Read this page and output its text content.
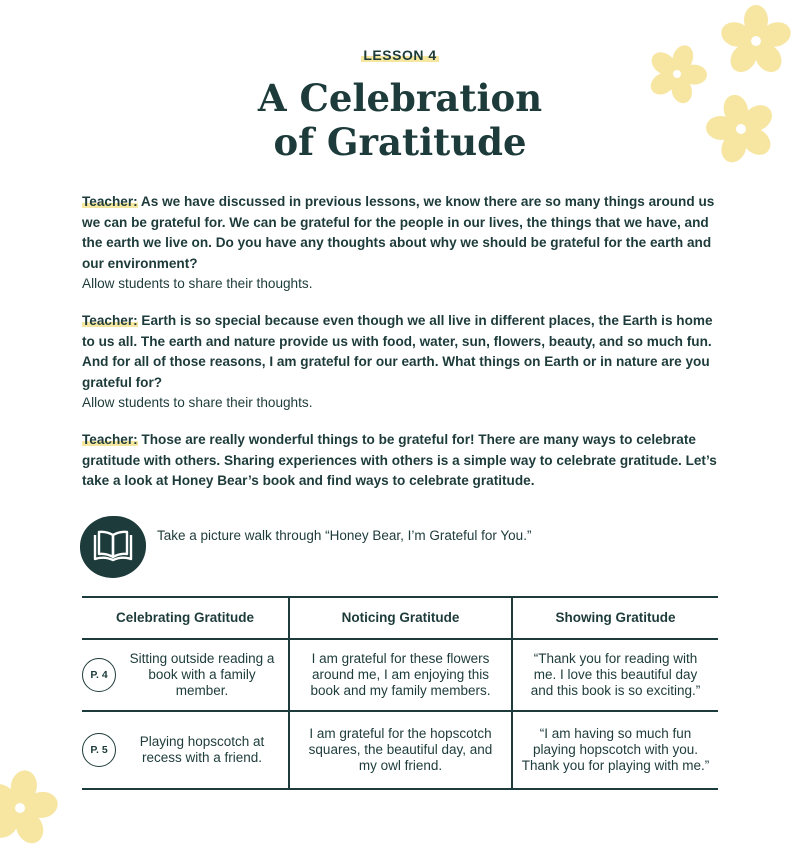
LESSON 4
A Celebration
of Gratitude

Teacher: As we have discussed in previous lessons, we know there are so many things around us we can be grateful for. We can be grateful for the people in our lives, the things that we have, and the earth we live on. Do you have any thoughts about why we should be grateful for the earth and our environment?

Allow students to share their thoughts.

Teacher: Earth is so special because even though we all live in different places, the Earth is home to us all. The earth and nature provide us with food, water, sun, flowers, beauty, and so much fun. And for all of those reasons, I am grateful for our earth. What things on Earth or in nature are you grateful for?

Allow students to share their thoughts.

Teacher: Those are really wonderful things to be grateful for! There are many ways to celebrate gratitude with others. Sharing experiences with others is a simple way to celebrate gratitude. Let’s take a look at Honey Bear’s book and find ways to celebrate gratitude.

Take a picture walk through “Honey Bear, I’m Grateful for You.”
Celebrating Gratitude	Noticing Gratitude	Showing Gratitude
P. 4
Sitting outside reading a book with a family member.
I am grateful for these flowers around me, I am enjoying this book and my family members.
“Thank you for reading with me. I love this beautiful day and this book is so exciting.”
P. 5
Playing hopscotch at recess with a friend.
I am grateful for the hopscotch squares, the beautiful day, and my owl friend.
“I am having so much fun playing hopscotch with you. Thank you for playing with me.”
